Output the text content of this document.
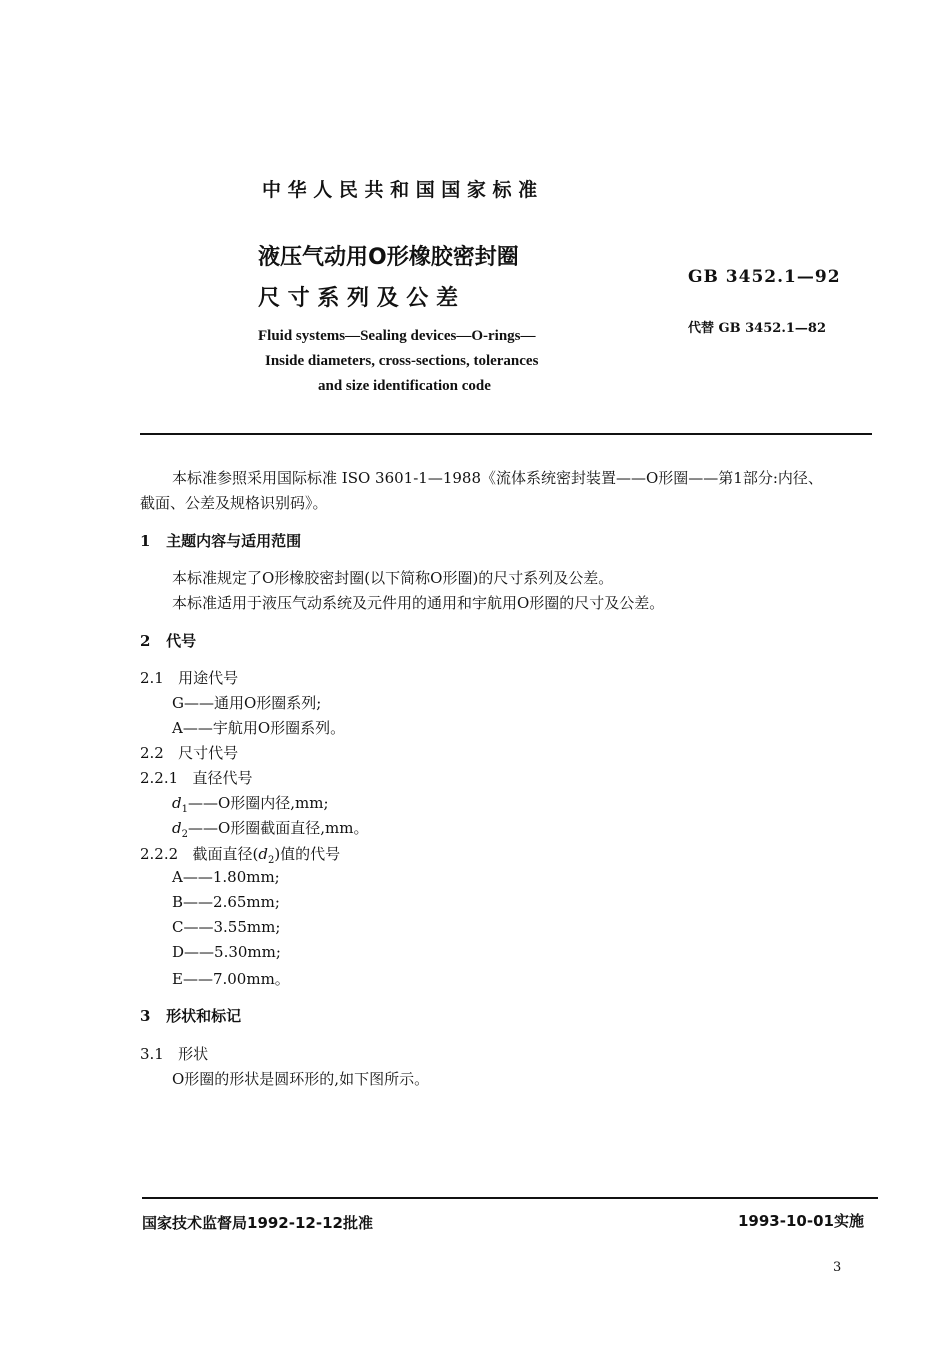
中 华 人 民 共 和 国 国 家 标 准
液压气动用O形橡胶密封圈
尺 寸 系 列 及 公 差
Fluid systems—Sealing devices—O-rings—
Inside diameters, cross-sections, tolerances
and size identification code
GB 3452.1—92
代替 GB 3452.1—82
本标准参照采用国际标准 ISO 3601-1—1988《流体系统密封装置——O形圈——第1部分:内径、
截面、公差及规格识别码》。
1 主题内容与适用范围
本标准规定了O形橡胶密封圈(以下简称O形圈)的尺寸系列及公差。
本标准适用于液压气动系统及元件用的通用和宇航用O形圈的尺寸及公差。
2 代号
2.1 用途代号
G——通用O形圈系列;
A——宇航用O形圈系列。
2.2 尺寸代号
2.2.1 直径代号
$d_1——O$形圈内径,mm;
$d_2——O$形圈截面直径,mm。
2.2.2 截面直径$(d_2)$值的代号
A——1.80mm;
B——2.65mm;
C——3.55mm;
D——5.30mm;
E——7.00mm。
3 形状和标记
3.1 形状
O形圈的形状是圆环形的,如下图所示。
国家技术监督局1992-12-12批准	1993-10-01实施
3
